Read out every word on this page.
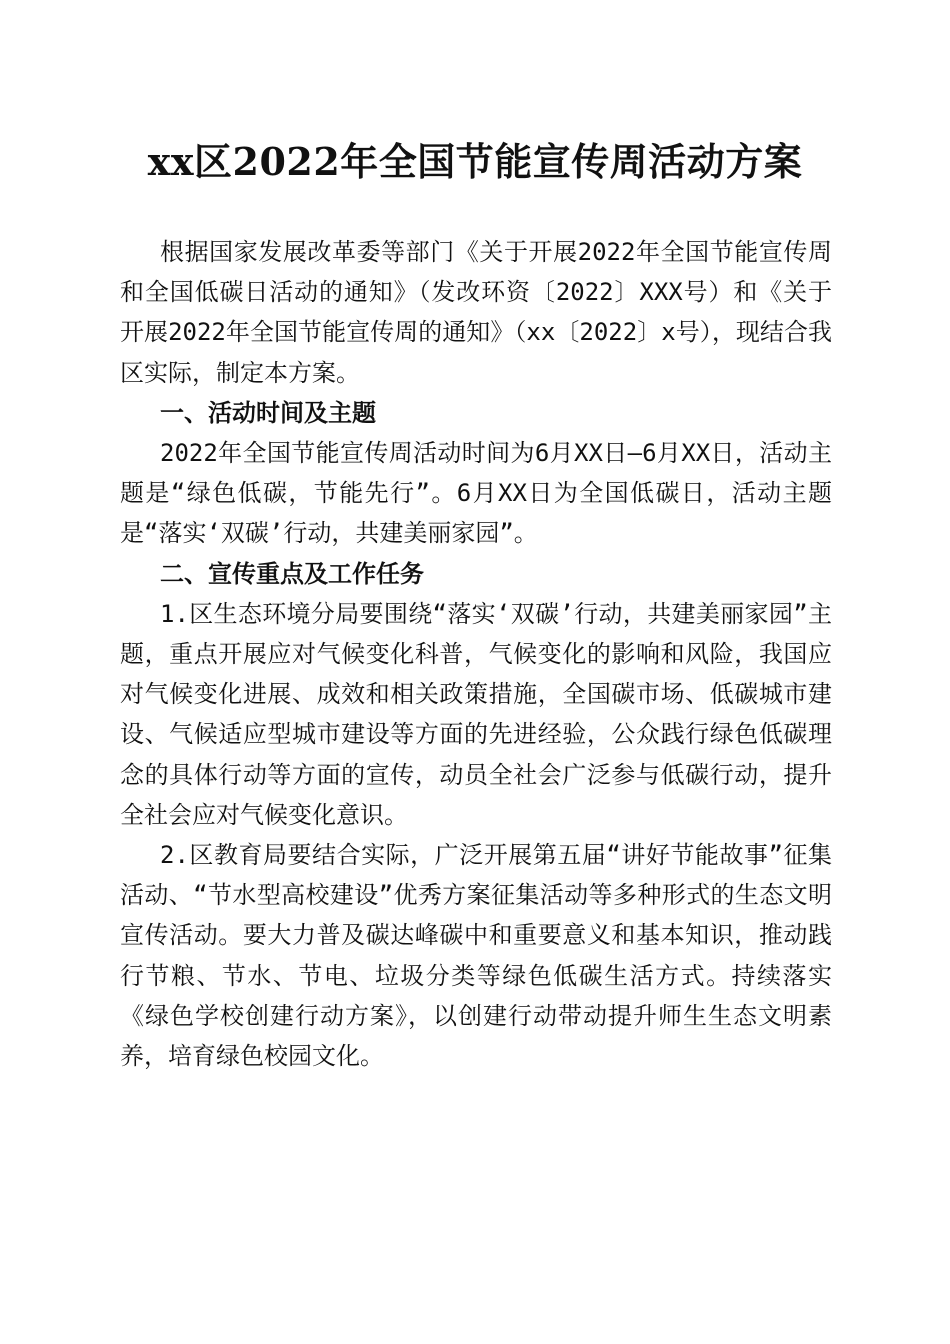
xx区2022年全国节能宣传周活动方案

根据国家发展改革委等部门《关于开展2022年全国节能宣传周和全国低碳日活动的通知》（发改环资〔2022〕XXX号）和《关于开展2022年全国节能宣传周的通知》（xx〔2022〕x号），现结合我区实际，制定本方案。

一、活动时间及主题

2022年全国节能宣传周活动时间为6月XX日—6月XX日，活动主题是“绿色低碳，节能先行”。6月XX日为全国低碳日，活动主题是“落实‘双碳’行动，共建美丽家园”。

二、宣传重点及工作任务

1.区生态环境分局要围绕“落实‘双碳’行动，共建美丽家园”主题，重点开展应对气候变化科普，气候变化的影响和风险，我国应对气候变化进展、成效和相关政策措施，全国碳市场、低碳城市建设、气候适应型城市建设等方面的先进经验，公众践行绿色低碳理念的具体行动等方面的宣传，动员全社会广泛参与低碳行动，提升全社会应对气候变化意识。

2.区教育局要结合实际，广泛开展第五届“讲好节能故事”征集活动、“节水型高校建设”优秀方案征集活动等多种形式的生态文明宣传活动。要大力普及碳达峰碳中和重要意义和基本知识，推动践行节粮、节水、节电、垃圾分类等绿色低碳生活方式。持续落实《绿色学校创建行动方案》，以创建行动带动提升师生生态文明素养，培育绿色校园文化。
